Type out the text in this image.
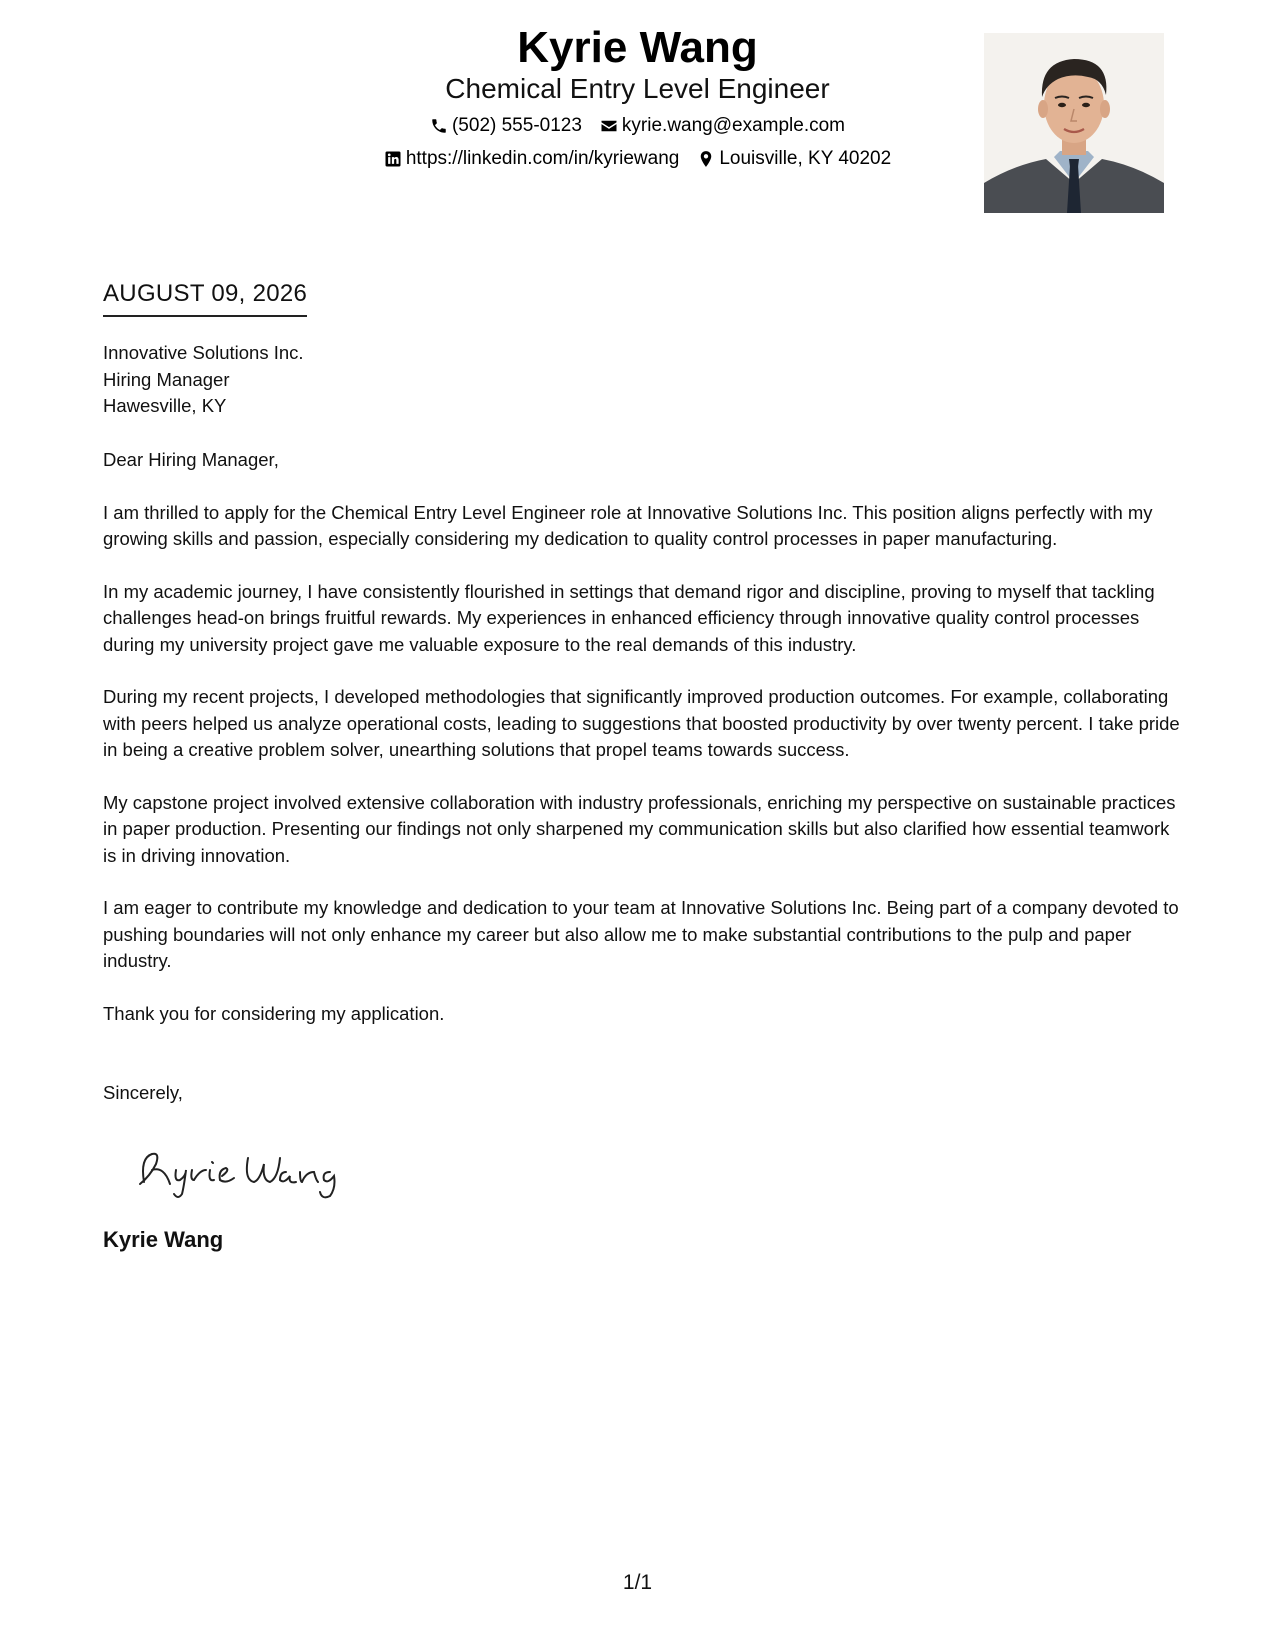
Kyrie Wang
Chemical Entry Level Engineer
(502) 555-0123 kyrie.wang@example.com
https://linkedin.com/in/kyriewang Louisville, KY 40202
AUGUST 09, 2026
Innovative Solutions Inc.
Hiring Manager
Hawesville, KY

Dear Hiring Manager,

I am thrilled to apply for the Chemical Entry Level Engineer role at Innovative Solutions Inc. This position aligns perfectly with my growing skills and passion, especially considering my dedication to quality control processes in paper manufacturing.

In my academic journey, I have consistently flourished in settings that demand rigor and discipline, proving to myself that tackling challenges head-on brings fruitful rewards. My experiences in enhanced efficiency through innovative quality control processes during my university project gave me valuable exposure to the real demands of this industry.

During my recent projects, I developed methodologies that significantly improved production outcomes. For example, collaborating with peers helped us analyze operational costs, leading to suggestions that boosted productivity by over twenty percent. I take pride in being a creative problem solver, unearthing solutions that propel teams towards success.

My capstone project involved extensive collaboration with industry professionals, enriching my perspective on sustainable practices in paper production. Presenting our findings not only sharpened my communication skills but also clarified how essential teamwork is in driving innovation.

I am eager to contribute my knowledge and dedication to your team at Innovative Solutions Inc. Being part of a company devoted to pushing boundaries will not only enhance my career but also allow me to make substantial contributions to the pulp and paper industry.

Thank you for considering my application.

Sincerely,
Kyrie Wang
1/1
